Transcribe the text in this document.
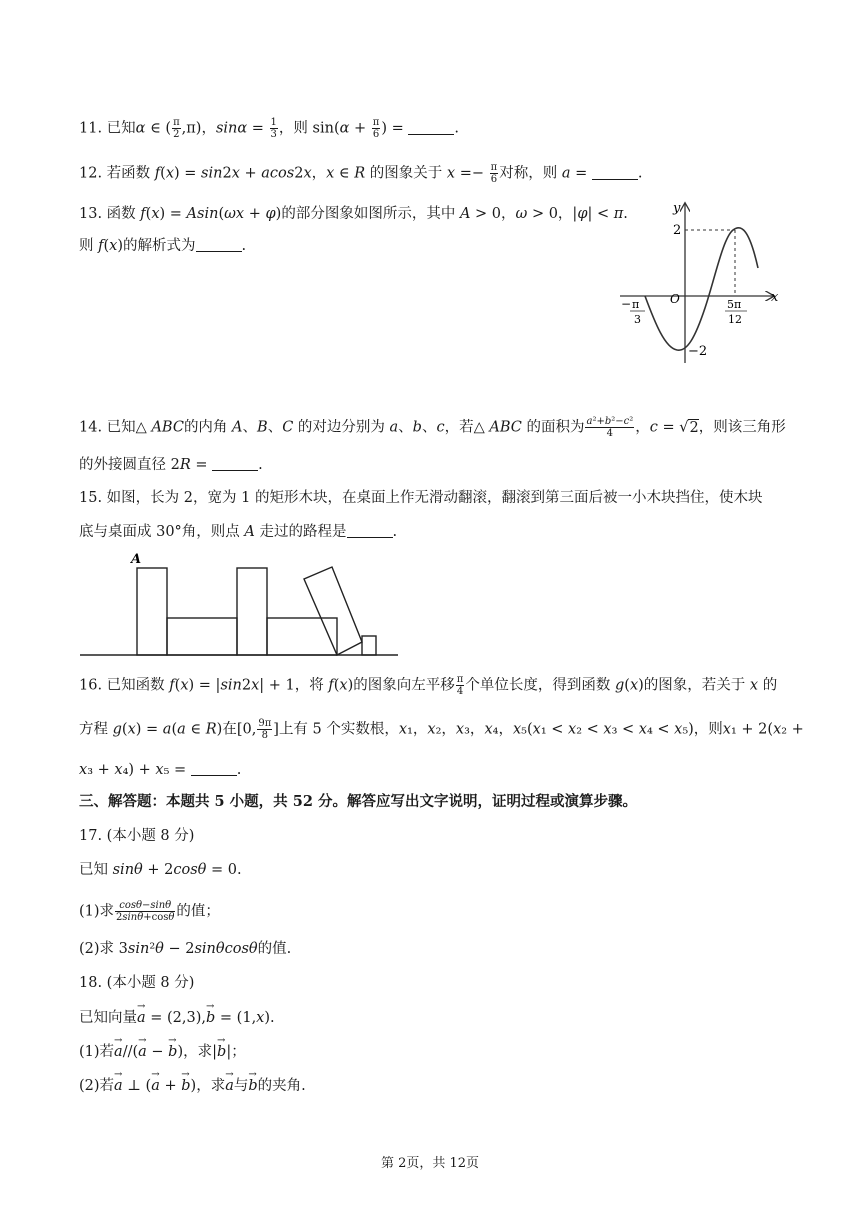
11. 已知α ∈ ( $\frac{\pi}{2} ,\pi$)，$\sin\alpha = \frac{1}{3}$ ，则 $\sin(\alpha + \frac{\pi}{6}$ ) =	.
12. 若函数 f(x) = sin2x + acos2x，x ∈ R 的图象关于 $x =- \frac{\pi}{6}$ 对称，则 a =	.
13. 函数 f(x) = Asin(ωx + φ)的部分图象如图所示，其中 A > 0，ω > 0，|φ| < π.
则 f(x)的解析式为	.
y
x
O
2
−2
− π
3
5π
12
14. 已知△ ABC的内角 A、B、C 的对边分别为 a、b、c，若△ ABC 的面积为 $\frac{\text{a²+b²−c²}}{4}$ ，c = √2，则该三角形
的外接圆直径 2R =	.
15. 如图，长为 2，宽为 1 的矩形木块，在桌面上作无滑动翻滚，翻滚到第三面后被一小木块挡住，使木块
底与桌面成 30°角，则点 A 走过的路程是	.
A
16. 已知函数 f(x) = |sin2x| + 1，将 f(x)的图象向左平移 $\frac{\pi}{4}$ 个单位长度，得到函数 g(x)的图象，若关于 x 的
方程 g(x) = a(a ∈ R)在[0, $\frac{9\pi}{8}$ ]上有 5 个实数根，x₁，x₂，x₃，x₄，x₅(x₁ < x₂ < x₃ < x₄ < x₅)，则x₁ + 2(x₂ +
x₃ + x₄) + x₅ =	.
三、解答题：本题共 5 小题，共 52 分。解答应写出文字说明，证明过程或演算步骤。
17. (本小题 8 分)
已知 sinθ + 2cosθ = 0.
(1)求 $\frac{\cos\theta-\sin\theta}{2\sin\theta+\cos\theta}$ 的值；
(2)求 3sin²θ − 2sinθcosθ的值.
18. (本小题 8 分)
已知向量→ a = (2,3),→ b = (1,x).
(1)若→ a//(→ a − → b)，求|→ b|；
(2)若→ a ⊥ (→ a + → b)，求→ a与→ b的夹角.
第 2页，共 12页
